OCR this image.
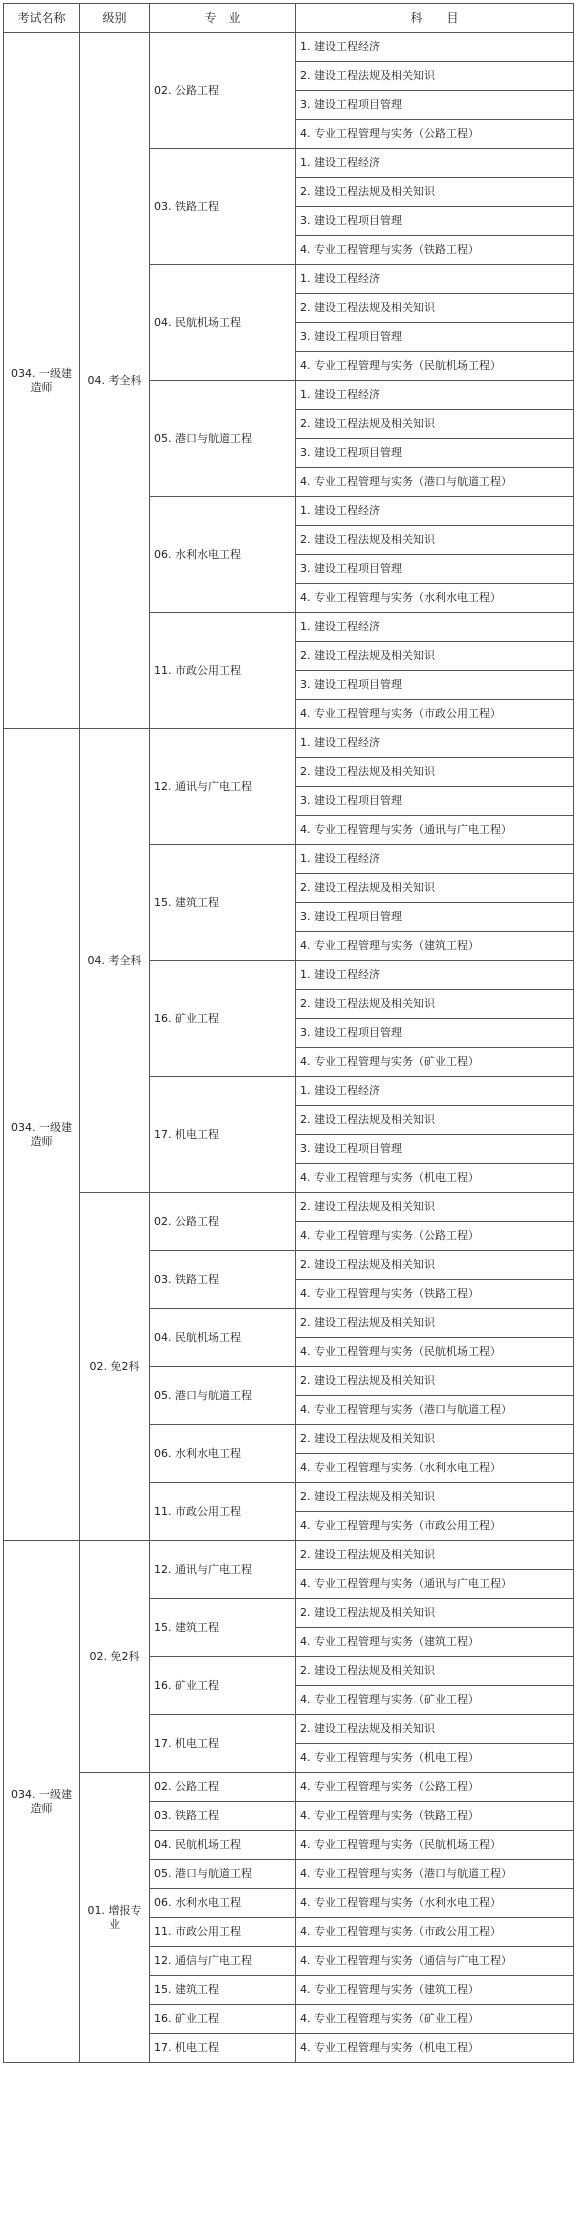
考试名称	级别	专　业	科　　目
034. 一级建造师	04. 考全科	02. 公路工程	1. 建设工程经济
			2. 建设工程法规及相关知识
			3. 建设工程项目管理
			4. 专业工程管理与实务（公路工程）
		03. 铁路工程	1. 建设工程经济
			2. 建设工程法规及相关知识
			3. 建设工程项目管理
			4. 专业工程管理与实务（铁路工程）
		04. 民航机场工程	1. 建设工程经济
			2. 建设工程法规及相关知识
			3. 建设工程项目管理
			4. 专业工程管理与实务（民航机场工程）
		05. 港口与航道工程	1. 建设工程经济
			2. 建设工程法规及相关知识
			3. 建设工程项目管理
			4. 专业工程管理与实务（港口与航道工程）
		06. 水利水电工程	1. 建设工程经济
			2. 建设工程法规及相关知识
			3. 建设工程项目管理
			4. 专业工程管理与实务（水利水电工程）
		11. 市政公用工程	1. 建设工程经济
			2. 建设工程法规及相关知识
			3. 建设工程项目管理
			4. 专业工程管理与实务（市政公用工程）
034. 一级建造师	04. 考全科	12. 通讯与广电工程	1. 建设工程经济
			2. 建设工程法规及相关知识
			3. 建设工程项目管理
			4. 专业工程管理与实务（通讯与广电工程）
		15. 建筑工程	1. 建设工程经济
			2. 建设工程法规及相关知识
			3. 建设工程项目管理
			4. 专业工程管理与实务（建筑工程）
		16. 矿业工程	1. 建设工程经济
			2. 建设工程法规及相关知识
			3. 建设工程项目管理
			4. 专业工程管理与实务（矿业工程）
		17. 机电工程	1. 建设工程经济
			2. 建设工程法规及相关知识
			3. 建设工程项目管理
			4. 专业工程管理与实务（机电工程）
	02. 免2科	02. 公路工程	2. 建设工程法规及相关知识
			4. 专业工程管理与实务（公路工程）
		03. 铁路工程	2. 建设工程法规及相关知识
			4. 专业工程管理与实务（铁路工程）
		04. 民航机场工程	2. 建设工程法规及相关知识
			4. 专业工程管理与实务（民航机场工程）
		05. 港口与航道工程	2. 建设工程法规及相关知识
			4. 专业工程管理与实务（港口与航道工程）
		06. 水利水电工程	2. 建设工程法规及相关知识
			4. 专业工程管理与实务（水利水电工程）
		11. 市政公用工程	2. 建设工程法规及相关知识
			4. 专业工程管理与实务（市政公用工程）
034. 一级建造师	02. 免2科	12. 通讯与广电工程	2. 建设工程法规及相关知识
			4. 专业工程管理与实务（通讯与广电工程）
		15. 建筑工程	2. 建设工程法规及相关知识
			4. 专业工程管理与实务（建筑工程）
		16. 矿业工程	2. 建设工程法规及相关知识
			4. 专业工程管理与实务（矿业工程）
		17. 机电工程	2. 建设工程法规及相关知识
			4. 专业工程管理与实务（机电工程）
	01. 增报专业	02. 公路工程	4. 专业工程管理与实务（公路工程）
		03. 铁路工程	4. 专业工程管理与实务（铁路工程）
		04. 民航机场工程	4. 专业工程管理与实务（民航机场工程）
		05. 港口与航道工程	4. 专业工程管理与实务（港口与航道工程）
		06. 水利水电工程	4. 专业工程管理与实务（水利水电工程）
		11. 市政公用工程	4. 专业工程管理与实务（市政公用工程）
		12. 通信与广电工程	4. 专业工程管理与实务（通信与广电工程）
		15. 建筑工程	4. 专业工程管理与实务（建筑工程）
		16. 矿业工程	4. 专业工程管理与实务（矿业工程）
		17. 机电工程	4. 专业工程管理与实务（机电工程）
